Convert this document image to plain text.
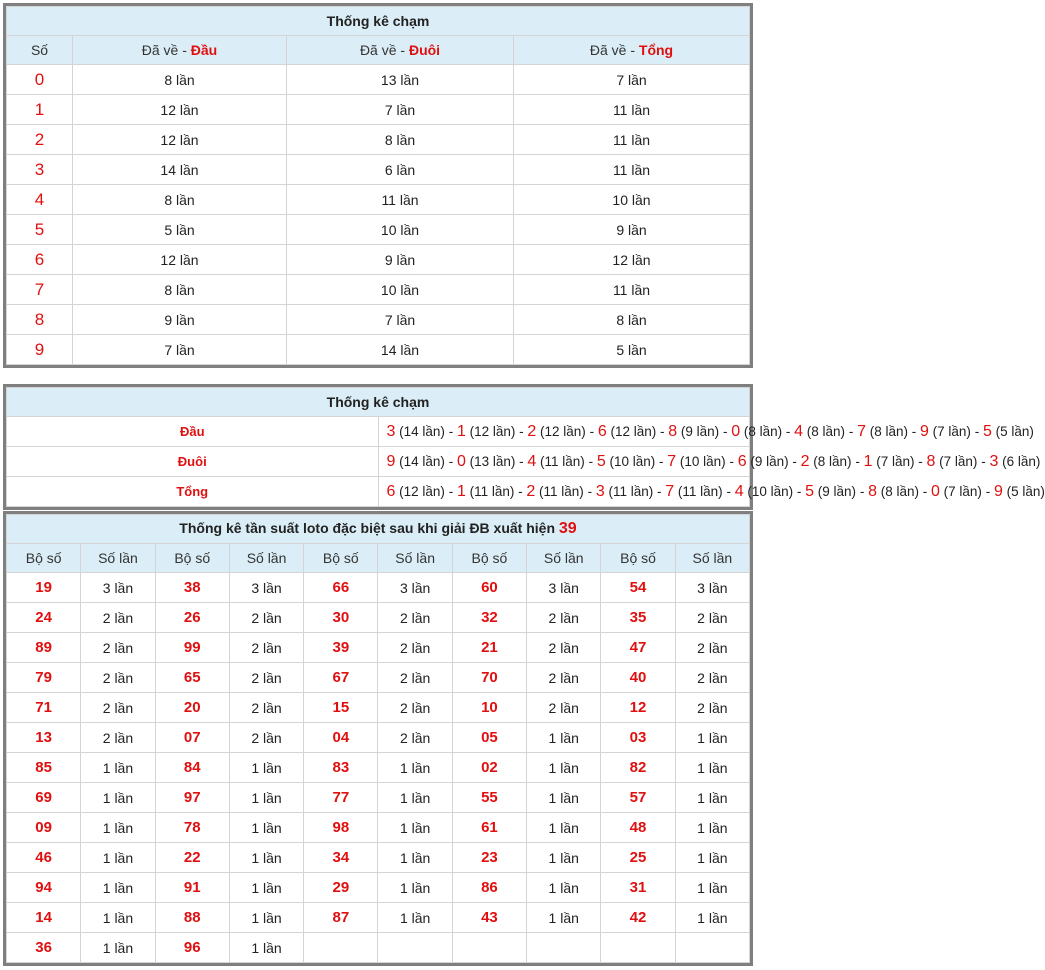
Thống kê chạm			
Số	Đã về - Đầu	Đã về - Đuôi	Đã về - Tổng
0	8 lần	13 lần	7 lần
1	12 lần	7 lần	11 lần
2	12 lần	8 lần	11 lần
3	14 lần	6 lần	11 lần
4	8 lần	11 lần	10 lần
5	5 lần	10 lần	9 lần
6	12 lần	9 lần	12 lần
7	8 lần	10 lần	11 lần
8	9 lần	7 lần	8 lần
9	7 lần	14 lần	5 lần
Thống kê chạm	
Đầu	3 (14 lần) - 1 (12 lần) - 2 (12 lần) - 6 (12 lần) - 8 (9 lần) - 0 (8 lần) - 4 (8 lần) - 7 (8 lần) - 9 (7 lần) - 5 (5 lần)
Đuôi	9 (14 lần) - 0 (13 lần) - 4 (11 lần) - 5 (10 lần) - 7 (10 lần) - 6 (9 lần) - 2 (8 lần) - 1 (7 lần) - 8 (7 lần) - 3 (6 lần)
Tổng	6 (12 lần) - 1 (11 lần) - 2 (11 lần) - 3 (11 lần) - 7 (11 lần) - 4 (10 lần) - 5 (9 lần) - 8 (8 lần) - 0 (7 lần) - 9 (5 lần)
Thống kê tần suất loto đặc biệt sau khi giải ĐB xuất hiện 39									
Bộ số	Số lần	Bộ số	Số lần	Bộ số	Số lần	Bộ số	Số lần	Bộ số	Số lần
19	3 lần	38	3 lần	66	3 lần	60	3 lần	54	3 lần
24	2 lần	26	2 lần	30	2 lần	32	2 lần	35	2 lần
89	2 lần	99	2 lần	39	2 lần	21	2 lần	47	2 lần
79	2 lần	65	2 lần	67	2 lần	70	2 lần	40	2 lần
71	2 lần	20	2 lần	15	2 lần	10	2 lần	12	2 lần
13	2 lần	07	2 lần	04	2 lần	05	1 lần	03	1 lần
85	1 lần	84	1 lần	83	1 lần	02	1 lần	82	1 lần
69	1 lần	97	1 lần	77	1 lần	55	1 lần	57	1 lần
09	1 lần	78	1 lần	98	1 lần	61	1 lần	48	1 lần
46	1 lần	22	1 lần	34	1 lần	23	1 lần	25	1 lần
94	1 lần	91	1 lần	29	1 lần	86	1 lần	31	1 lần
14	1 lần	88	1 lần	87	1 lần	43	1 lần	42	1 lần
36	1 lần	96	1 lần						
